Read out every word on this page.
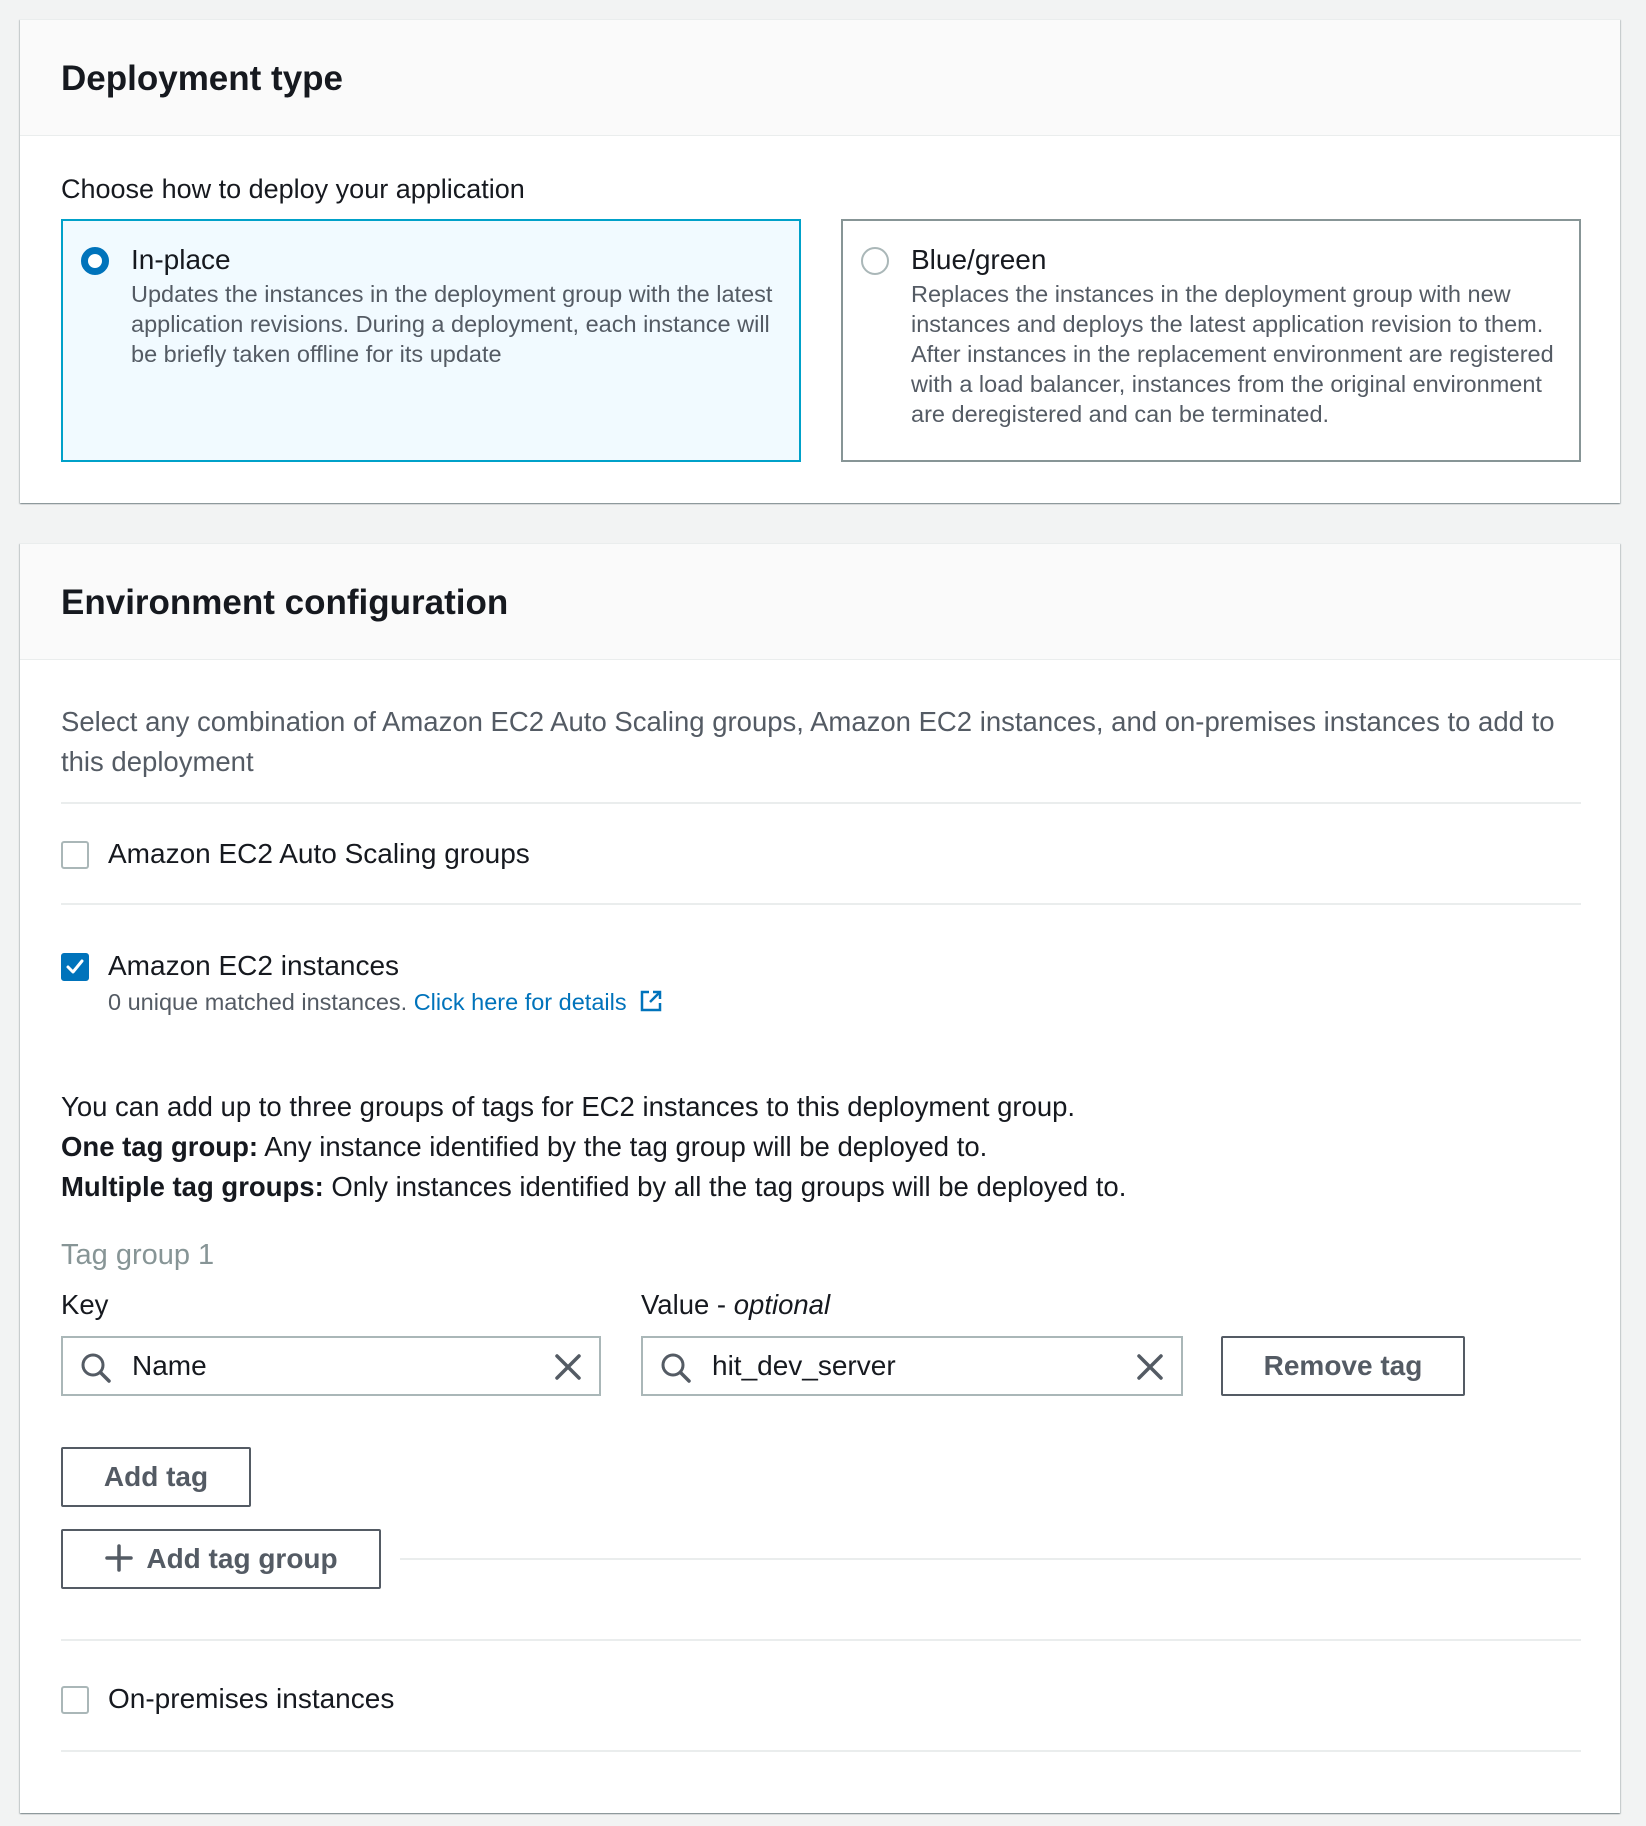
Deployment type
Choose how to deploy your application
In-place
Updates the instances in the deployment group with the latest application revisions. During a deployment, each instance will be briefly taken offline for its update
Blue/green
Replaces the instances in the deployment group with new instances and deploys the latest application revision to them. After instances in the replacement environment are registered with a load balancer, instances from the original environment are deregistered and can be terminated.
Environment configuration
Select any combination of Amazon EC2 Auto Scaling groups, Amazon EC2 instances, and on-premises instances to add to this deployment
Amazon EC2 Auto Scaling groups
Amazon EC2 instances
0 unique matched instances. Click here for details
You can add up to three groups of tags for EC2 instances to this deployment group.
One tag group: Any instance identified by the tag group will be deployed to.
Multiple tag groups: Only instances identified by all the tag groups will be deployed to.
Tag group 1
Key	Value - optional
Name	hit_dev_server	Remove tag
Add tag
Add tag group
On-premises instances
